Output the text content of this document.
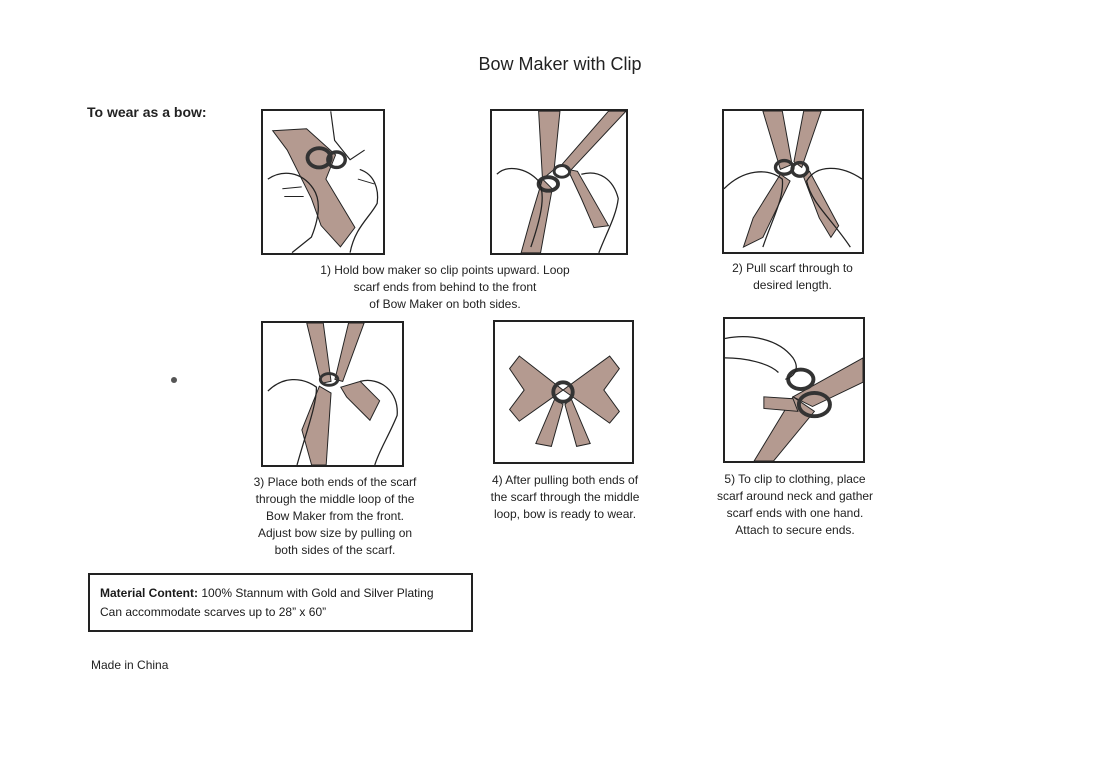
Bow Maker with Clip
To wear as a bow:
1) Hold bow maker so clip points upward. Loop
scarf ends from behind to the front
of Bow Maker on both sides.
2) Pull scarf through to
desired length.
3) Place both ends of the scarf
through the middle loop of the
Bow Maker from the front.
Adjust bow size by pulling on
both sides of the scarf.
4) After pulling both ends of
the scarf through the middle
loop, bow is ready to wear.
5) To clip to clothing, place
scarf around neck and gather
scarf ends with one hand.
Attach to secure ends.
Material Content: 100% Stannum with Gold and Silver Plating
Can accommodate scarves up to 28” x 60”
Made in China
